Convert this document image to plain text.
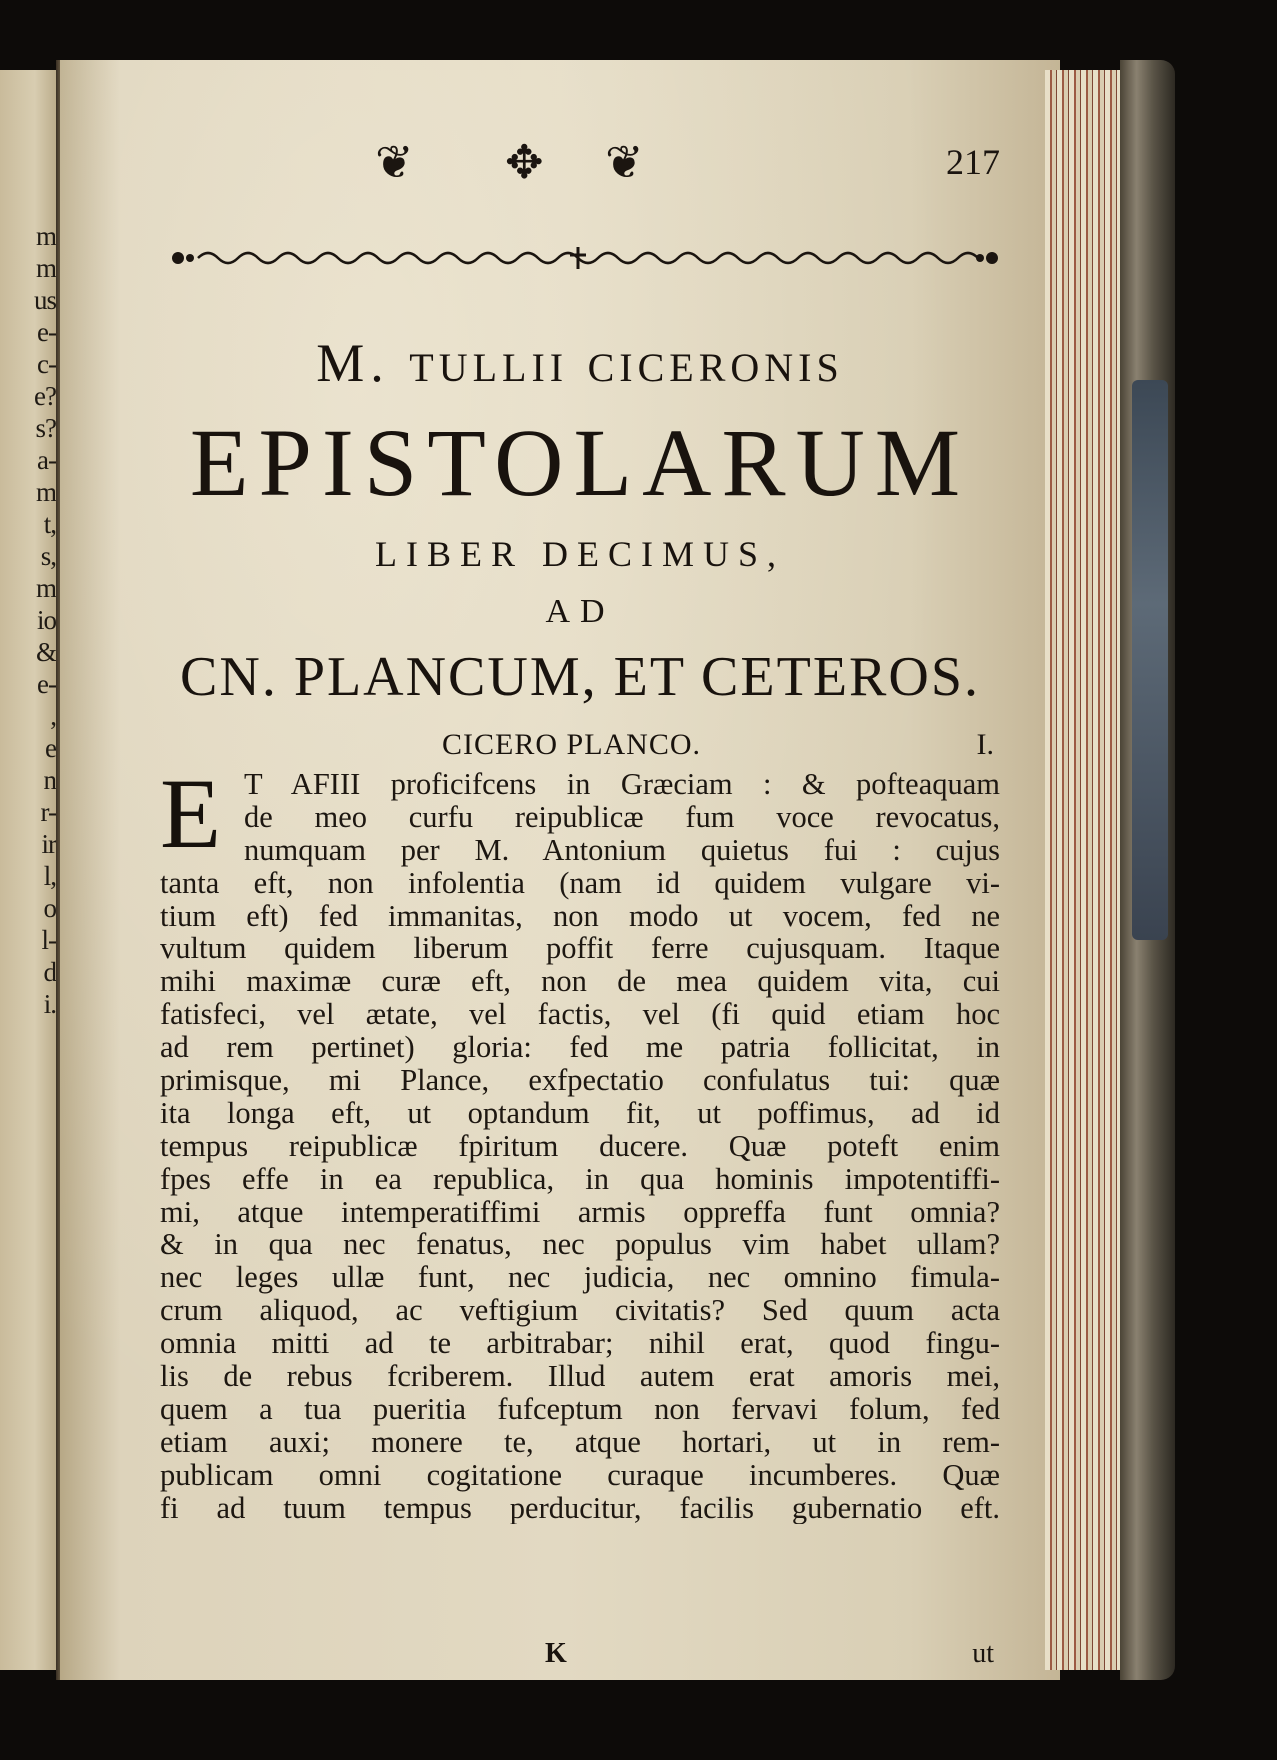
m
m
us
e-
c-
e?
s?
a-
m
t,
s,
m
io
&
e-
,
e
n
r-
ir
l,
o
l-
d
i.
❦ ✥ ❦	217
M. TULLII CICERONIS
EPISTOLARUM
LIBER DECIMUS,
AD
CN. PLANCUM, ET CETEROS.
CICERO PLANCO.	I.
E T AFIII proficifcens in Græciam : & pofteaquam
de meo curfu reipublicæ fum voce revocatus,
numquam per M. Antonium quietus fui : cujus
tanta eft, non infolentia (nam id quidem vulgare vi-
tium eft) fed immanitas, non modo ut vocem, fed ne
vultum quidem liberum poffit ferre cujusquam. Itaque
mihi maximæ curæ eft, non de mea quidem vita, cui
fatisfeci, vel ætate, vel factis, vel (fi quid etiam hoc
ad rem pertinet) gloria: fed me patria follicitat, in
primisque, mi Plance, exfpectatio confulatus tui: quæ
ita longa eft, ut optandum fit, ut poffimus, ad id
tempus reipublicæ fpiritum ducere. Quæ poteft enim
fpes effe in ea republica, in qua hominis impotentiffi-
mi, atque intemperatiffimi armis oppreffa funt omnia?
& in qua nec fenatus, nec populus vim habet ullam?
nec leges ullæ funt, nec judicia, nec omnino fimula-
crum aliquod, ac veftigium civitatis? Sed quum acta
omnia mitti ad te arbitrabar; nihil erat, quod fingu-
lis de rebus fcriberem. Illud autem erat amoris mei,
quem a tua pueritia fufceptum non fervavi folum, fed
etiam auxi; monere te, atque hortari, ut in rem-
publicam omni cogitatione curaque incumberes. Quæ
fi ad tuum tempus perducitur, facilis gubernatio eft.
K	ut
